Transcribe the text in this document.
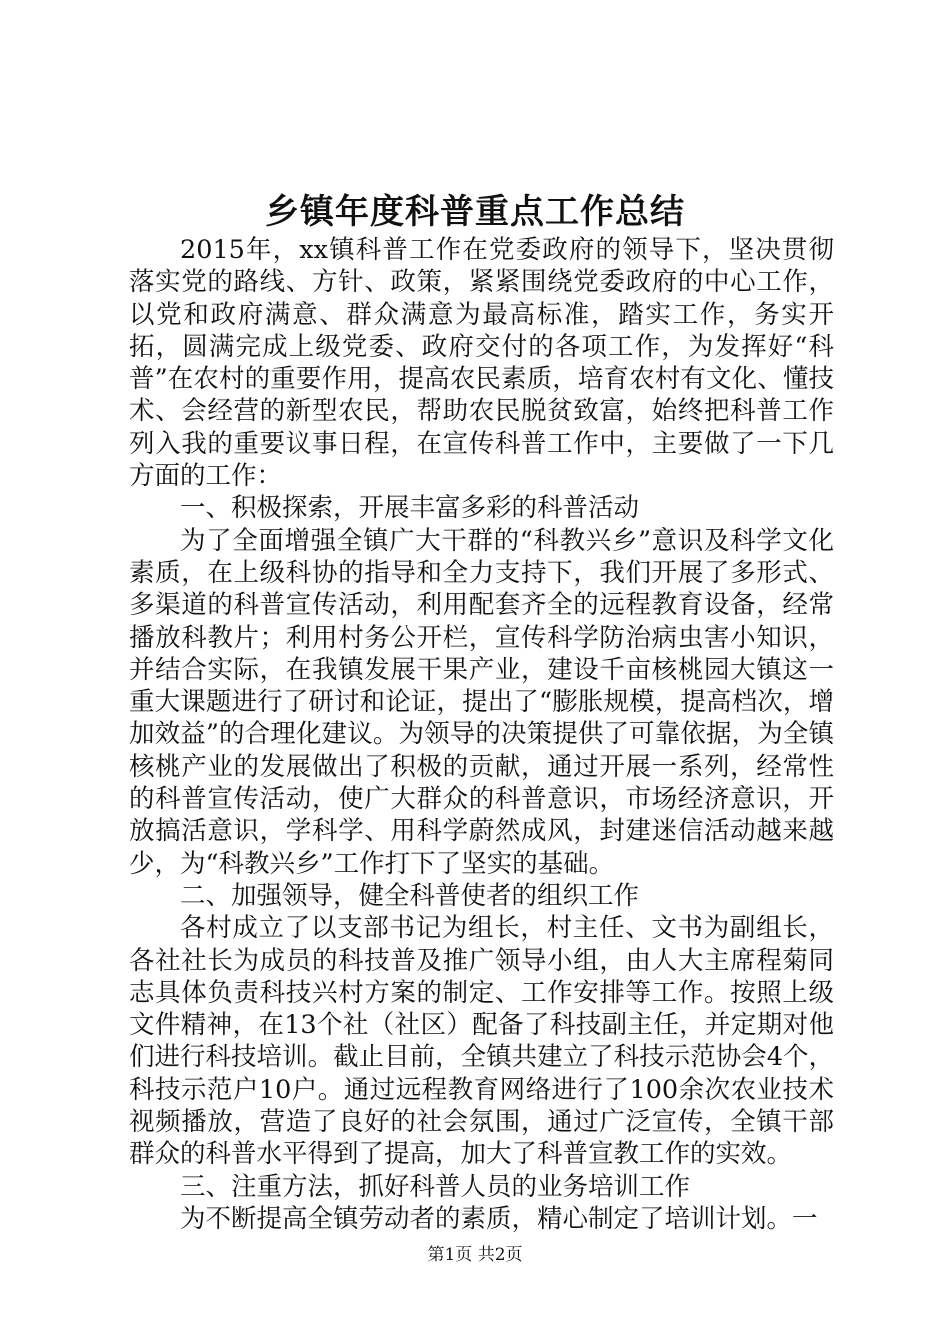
乡镇年度科普重点工作总结

2015年，xx镇科普工作在党委政府的领导下，坚决贯彻落实党的路线、方针、政策，紧紧围绕党委政府的中心工作，以党和政府满意、群众满意为最高标准，踏实工作，务实开拓，圆满完成上级党委、政府交付的各项工作，为发挥好“科普”在农村的重要作用，提高农民素质，培育农村有文化、懂技术、会经营的新型农民，帮助农民脱贫致富，始终把科普工作列入我的重要议事日程，在宣传科普工作中，主要做了一下几方面的工作：

一、积极探索，开展丰富多彩的科普活动

为了全面增强全镇广大干群的“科教兴乡”意识及科学文化素质，在上级科协的指导和全力支持下，我们开展了多形式、多渠道的科普宣传活动，利用配套齐全的远程教育设备，经常播放科教片；利用村务公开栏，宣传科学防治病虫害小知识，并结合实际，在我镇发展干果产业，建设千亩核桃园大镇这一重大课题进行了研讨和论证，提出了“膨胀规模，提高档次，增加效益”的合理化建议。为领导的决策提供了可靠依据，为全镇核桃产业的发展做出了积极的贡献，通过开展一系列，经常性的科普宣传活动，使广大群众的科普意识，市场经济意识，开放搞活意识，学科学、用科学蔚然成风，封建迷信活动越来越少，为“科教兴乡”工作打下了坚实的基础。

二、加强领导，健全科普使者的组织工作

各村成立了以支部书记为组长，村主任、文书为副组长，各社社长为成员的科技普及推广领导小组，由人大主席程菊同志具体负责科技兴村方案的制定、工作安排等工作。按照上级文件精神，在13个社（社区）配备了科技副主任，并定期对他们进行科技培训。截止目前，全镇共建立了科技示范协会4个，科技示范户10户。通过远程教育网络进行了100余次农业技术视频播放，营造了良好的社会氛围，通过广泛宣传，全镇干部群众的科普水平得到了提高，加大了科普宣教工作的实效。

三、注重方法，抓好科普人员的业务培训工作

为不断提高全镇劳动者的素质，精心制定了培训计划。一

第1页 共2页
